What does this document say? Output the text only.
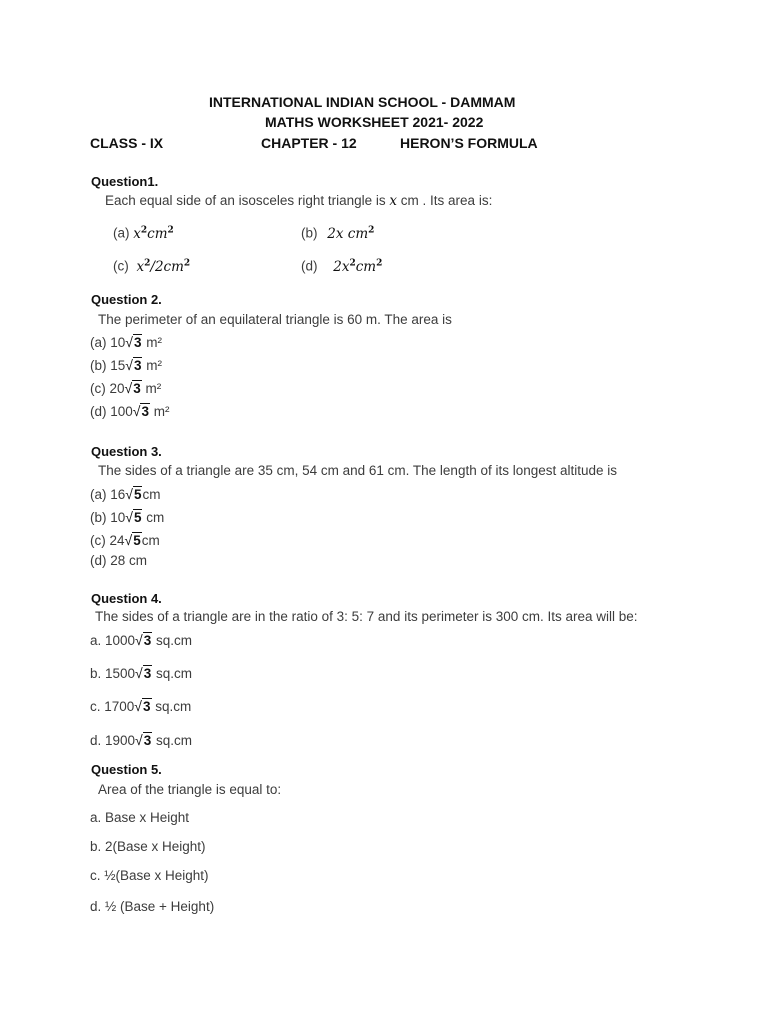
INTERNATIONAL INDIAN SCHOOL - DAMMAM
MATHS WORKSHEET 2021- 2022
CLASS - IX	CHAPTER - 12	HERON’S FORMULA
Question1.
Each equal side of an isosceles right triangle is x cm . Its area is:
(a) $x^2cm^2$	(b) 2x $cm^2$
(c) $x^2/2cm^2$	(d) $2x^2cm^2$
Question 2.
The perimeter of an equilateral triangle is 60 m. The area is
(a) 10√3 m²
(b) 15√3 m²
(c) 20√3 m²
(d) 100√3 m²
Question 3.
The sides of a triangle are 35 cm, 54 cm and 61 cm. The length of its longest altitude is
(a) 16√5cm
(b) 10√5 cm
(c) 24√5cm
(d) 28 cm
Question 4.
The sides of a triangle are in the ratio of 3: 5: 7 and its perimeter is 300 cm. Its area will be:
a. 1000√3 sq.cm
b. 1500√3 sq.cm
c. 1700√3 sq.cm
d. 1900√3 sq.cm
Question 5.
Area of the triangle is equal to:
a. Base x Height
b. 2(Base x Height)
c. ½(Base x Height)
d. ½ (Base + Height)
